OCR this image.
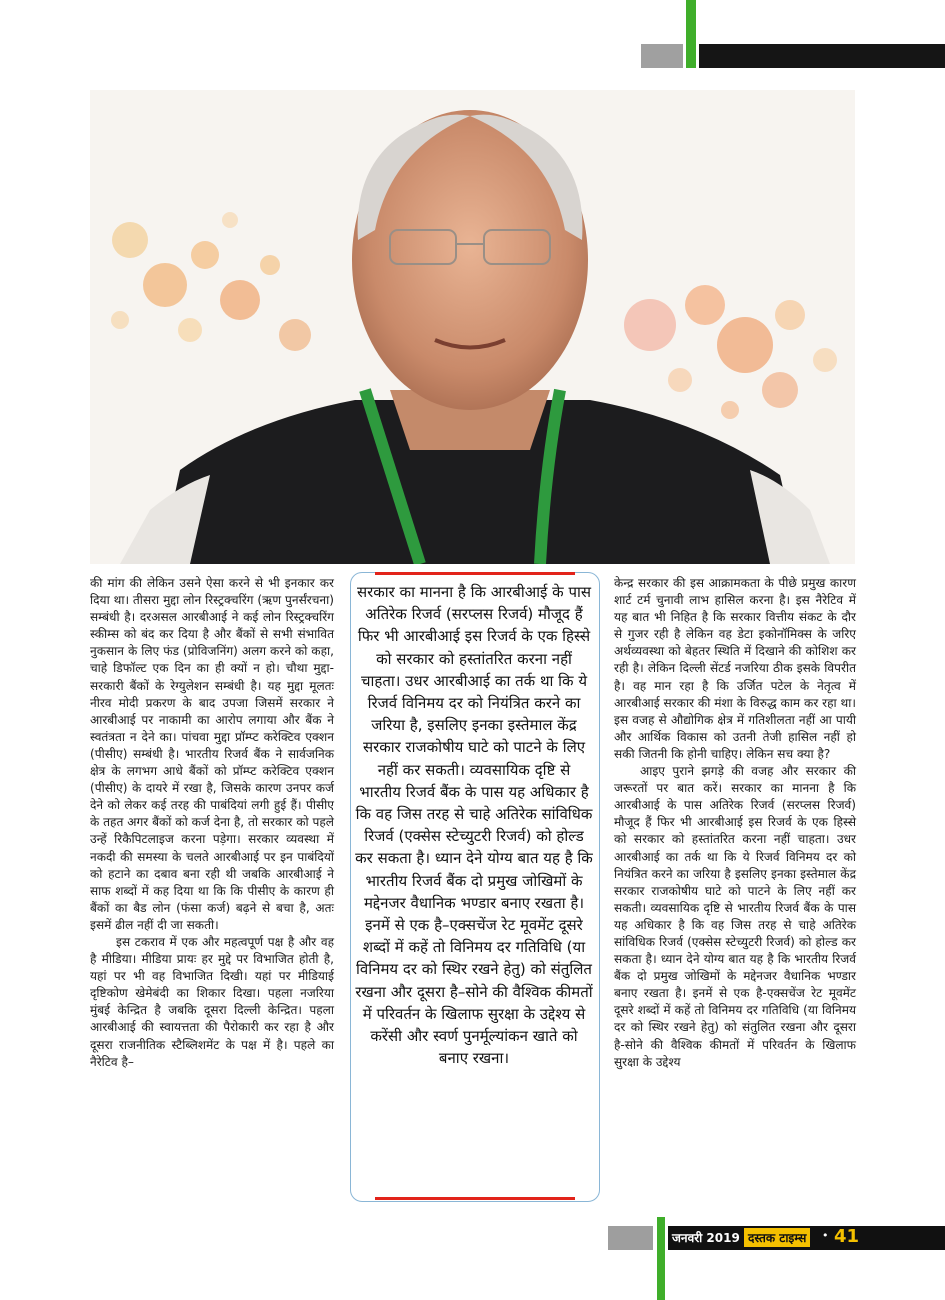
की मांग की लेकिन उसने ऐसा करने से भी इनकार कर दिया था। तीसरा मुद्दा लोन रिस्ट्रक्चरिंग (ऋण पुनर्संरचना) सम्बंधी है। दरअसल आरबीआई ने कई लोन रिस्ट्रक्चरिंग स्कीम्स को बंद कर दिया है और बैंकों से सभी संभावित नुकसान के लिए फंड (प्रोविजनिंग) अलग करने को कहा, चाहे डिफॉल्ट एक दिन का ही क्यों न हो। चौथा मुद्दा-सरकारी बैंकों के रेग्युलेशन सम्बंधी है। यह मुद्दा मूलतः नीरव मोदी प्रकरण के बाद उपजा जिसमें सरकार ने आरबीआई पर नाकामी का आरोप लगाया और बैंक ने स्वतंत्रता न देने का। पांचवा मुद्दा प्रॉम्प्ट करेक्टिव एक्शन (पीसीए) सम्बंधी है। भारतीय रिजर्व बैंक ने सार्वजनिक क्षेत्र के लगभग आधे बैंकों को प्रॉम्प्ट करेक्टिव एक्शन (पीसीए) के दायरे में रखा है, जिसके कारण उनपर कर्ज देने को लेकर कई तरह की पाबंदियां लगी हुई हैं। पीसीए के तहत अगर बैंकों को कर्ज देना है, तो सरकार को पहले उन्हें रिकैपिटलाइज करना पड़ेगा। सरकार व्यवस्था में नकदी की समस्या के चलते आरबीआई पर इन पाबंदियों को हटाने का दबाव बना रही थी जबकि आरबीआई ने साफ शब्दों में कह दिया था कि कि पीसीए के कारण ही बैंकों का बैड लोन (फंसा कर्ज) बढ़ने से बचा है, अतः इसमें ढील नहीं दी जा सकती।

इस टकराव में एक और महत्वपूर्ण पक्ष है और वह है मीडिया। मीडिया प्रायः हर मुद्दे पर विभाजित होती है, यहां पर भी वह विभाजित दिखी। यहां पर मीडियाई दृष्टिकोण खेमेबंदी का शिकार दिखा। पहला नजरिया मुंबई केन्द्रित है जबकि दूसरा दिल्ली केन्द्रित। पहला आरबीआई की स्वायत्तता की पैरोकारी कर रहा है और दूसरा राजनीतिक स्टैब्लिशमेंट के पक्ष में है। पहले का नैरेटिव है–

सरकार का मानना है कि आरबीआई के पास अतिरेक रिजर्व (सरप्लस रिजर्व) मौजूद हैं फिर भी आरबीआई इस रिजर्व के एक हिस्से को सरकार को हस्तांतरित करना नहीं चाहता। उधर आरबीआई का तर्क था कि ये रिजर्व विनिमय दर को नियंत्रित करने का जरिया है, इसलिए इनका इस्तेमाल केंद्र सरकार राजकोषीय घाटे को पाटने के लिए नहीं कर सकती। व्यवसायिक दृष्टि से भारतीय रिजर्व बैंक के पास यह अधिकार है कि वह जिस तरह से चाहे अतिरेक सांविधिक रिजर्व (एक्सेस स्टेच्युटरी रिजर्व) को होल्ड कर सकता है। ध्यान देने योग्य बात यह है कि भारतीय रिजर्व बैंक दो प्रमुख जोखिमों के मद्देनजर वैधानिक भण्डार बनाए रखता है। इनमें से एक है–एक्सचेंज रेट मूवमेंट दूसरे शब्दों में कहें तो विनिमय दर गतिविधि (या विनिमय दर को स्थिर रखने हेतु) को संतुलित रखना और दूसरा है–सोने की वैश्विक कीमतों में परिवर्तन के खिलाफ सुरक्षा के उद्देश्य से करेंसी और स्वर्ण पुनर्मूल्यांकन खाते को बनाए रखना।

केन्द्र सरकार की इस आक्रामकता के पीछे प्रमुख कारण शार्ट टर्म चुनावी लाभ हासिल करना है। इस नैरेटिव में यह बात भी निहित है कि सरकार वित्तीय संकट के दौर से गुजर रही है लेकिन वह डेटा इकोनॉमिक्स के जरिए अर्थव्यवस्था को बेहतर स्थिति में दिखाने की कोशिश कर रही है। लेकिन दिल्ली सेंटर्ड नजरिया ठीक इसके विपरीत है। वह मान रहा है कि उर्जित पटेल के नेतृत्व में आरबीआई सरकार की मंशा के विरुद्ध काम कर रहा था। इस वजह से औद्योगिक क्षेत्र में गतिशीलता नहीं आ पायी और आर्थिक विकास को उतनी तेजी हासिल नहीं हो सकी जितनी कि होनी चाहिए। लेकिन सच क्या है?

आइए पुराने झगड़े की वजह और सरकार की जरूरतों पर बात करें। सरकार का मानना है कि आरबीआई के पास अतिरेक रिजर्व (सरप्लस रिजर्व) मौजूद हैं फिर भी आरबीआई इस रिजर्व के एक हिस्से को सरकार को हस्तांतरित करना नहीं चाहता। उधर आरबीआई का तर्क था कि ये रिजर्व विनिमय दर को नियंत्रित करने का जरिया है इसलिए इनका इस्तेमाल केंद्र सरकार राजकोषीय घाटे को पाटने के लिए नहीं कर सकती। व्यवसायिक दृष्टि से भारतीय रिजर्व बैंक के पास यह अधिकार है कि वह जिस तरह से चाहे अतिरेक सांविधिक रिजर्व (एक्सेस स्टेच्युटरी रिजर्व) को होल्ड कर सकता है। ध्यान देने योग्य बात यह है कि भारतीय रिजर्व बैंक दो प्रमुख जोखिमों के मद्देनजर वैधानिक भण्डार बनाए रखता है। इनमें से एक है-एक्सचेंज रेट मूवमेंट दूसरे शब्दों में कहें तो विनिमय दर गतिविधि (या विनिमय दर को स्थिर रखने हेतु) को संतुलित रखना और दूसरा है-सोने की वैश्विक कीमतों में परिवर्तन के खिलाफ सुरक्षा के उद्देश्य

जनवरी 2019 दस्तक टाइम्स	• 41
